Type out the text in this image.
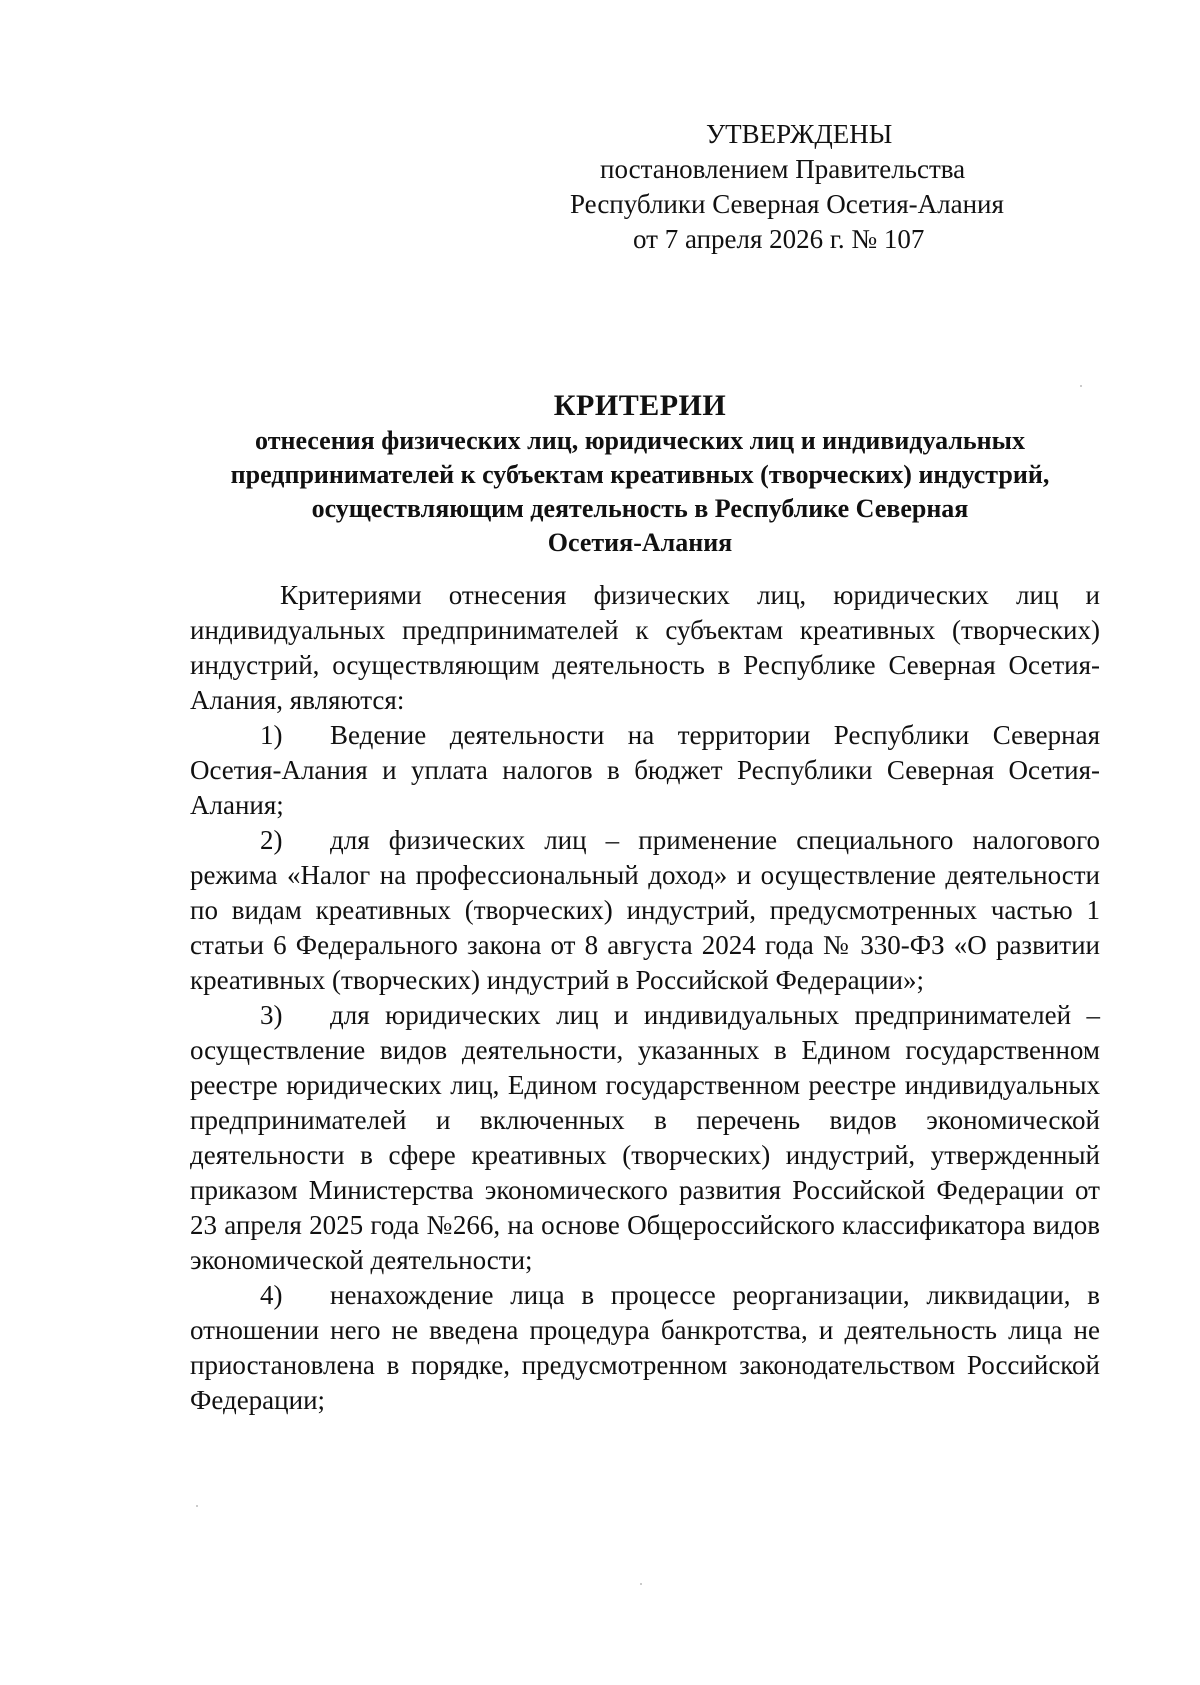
УТВЕРЖДЕНЫ
постановлением Правительства
Республики Северная Осетия-Алания
от 7 апреля 2026 г. № 107
КРИТЕРИИ
отнесения физических лиц, юридических лиц и индивидуальных
предпринимателей к субъектам креативных (творческих) индустрий,
осуществляющим деятельность в Республике Северная
Осетия-Алания

Критериями отнесения физических лиц, юридических лиц и индивидуальных предпринимателей к субъектам креативных (творческих) индустрий, осуществляющим деятельность в Республике Северная Осетия-Алания, являются:

1) Ведение деятельности на территории Республики Северная Осетия-Алания и уплата налогов в бюджет Республики Северная Осетия-Алания;

2) для физических лиц – применение специального налогового режима «Налог на профессиональный доход» и осуществление деятельности по видам креативных (творческих) индустрий, предусмотренных частью 1 статьи 6 Федерального закона от 8 августа 2024 года № 330-ФЗ «О развитии креативных (творческих) индустрий в Российской Федерации»;

3) для юридических лиц и индивидуальных предпринимателей – осуществление видов деятельности, указанных в Едином государственном реестре юридических лиц, Едином государственном реестре индивидуальных предпринимателей и включенных в перечень видов экономической деятельности в сфере креативных (творческих) индустрий, утвержденный приказом Министерства экономического развития Российской Федерации от 23 апреля 2025 года №266, на основе Общероссийского классификатора видов экономической деятельности;

4) ненахождение лица в процессе реорганизации, ликвидации, в отношении него не введена процедура банкротства, и деятельность лица не приостановлена в порядке, предусмотренном законодательством Российской Федерации;
